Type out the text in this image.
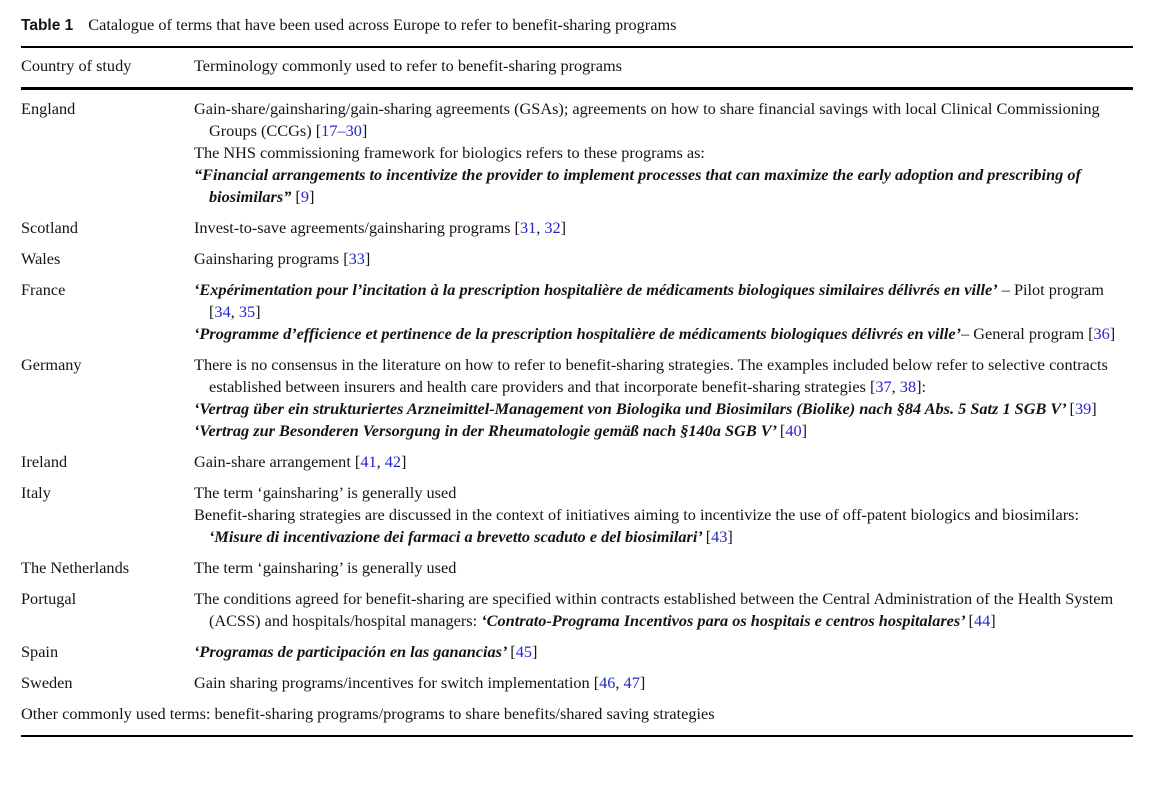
Table 1 Catalogue of terms that have been used across Europe to refer to benefit-sharing programs
Country of study	Terminology commonly used to refer to benefit-sharing programs
England	Gain-share/gainsharing/gain-sharing agreements (GSAs); agreements on how to share financial savings with local Clinical Commissioning Groups (CCGs) [17–30]
The NHS commissioning framework for biologics refers to these programs as:
“Financial arrangements to incentivize the provider to implement processes that can maximize the early adoption and prescribing of biosimilars” [9]
Scotland	Invest-to-save agreements/gainsharing programs [31, 32]
Wales	Gainsharing programs [33]
France	‘Expérimentation pour l’incitation à la prescription hospitalière de médicaments biologiques similaires délivrés en ville’ – Pilot program [34, 35]
‘Programme d’efficience et pertinence de la prescription hospitalière de médicaments biologiques délivrés en ville’– General program [36]
Germany	There is no consensus in the literature on how to refer to benefit-sharing strategies. The examples included below refer to selective contracts established between insurers and health care providers and that incorporate benefit-sharing strategies [37, 38]:
‘Vertrag über ein strukturiertes Arzneimittel-Management von Biologika und Biosimilars (Biolike) nach §84 Abs. 5 Satz 1 SGB V’ [39]
‘Vertrag zur Besonderen Versorgung in der Rheumatologie gemäß nach §140a SGB V’ [40]
Ireland	Gain-share arrangement [41, 42]
Italy	The term ‘gainsharing’ is generally used
Benefit-sharing strategies are discussed in the context of initiatives aiming to incentivize the use of off-patent biologics and biosimilars: ‘Misure di incentivazione dei farmaci a brevetto scaduto e del biosimilari’ [43]
The Netherlands	The term ‘gainsharing’ is generally used
Portugal	The conditions agreed for benefit-sharing are specified within contracts established between the Central Administration of the Health System (ACSS) and hospitals/hospital managers: ‘Contrato-Programa Incentivos para os hospitais e centros hospitalares’ [44]
Spain	‘Programas de participación en las ganancias’ [45]
Sweden	Gain sharing programs/incentives for switch implementation [46, 47]
Other commonly used terms: benefit-sharing programs/programs to share benefits/shared saving strategies
